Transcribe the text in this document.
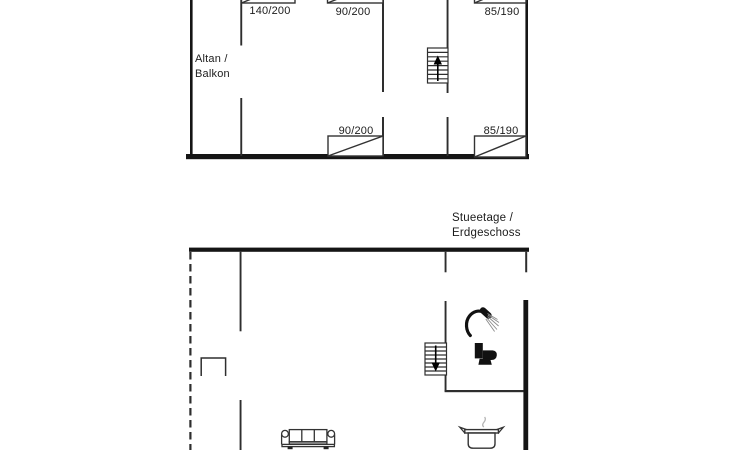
140/200	90/200	85/190
Altan /
Balkon
90/200	85/190
Stueetage /
Erdgeschoss
